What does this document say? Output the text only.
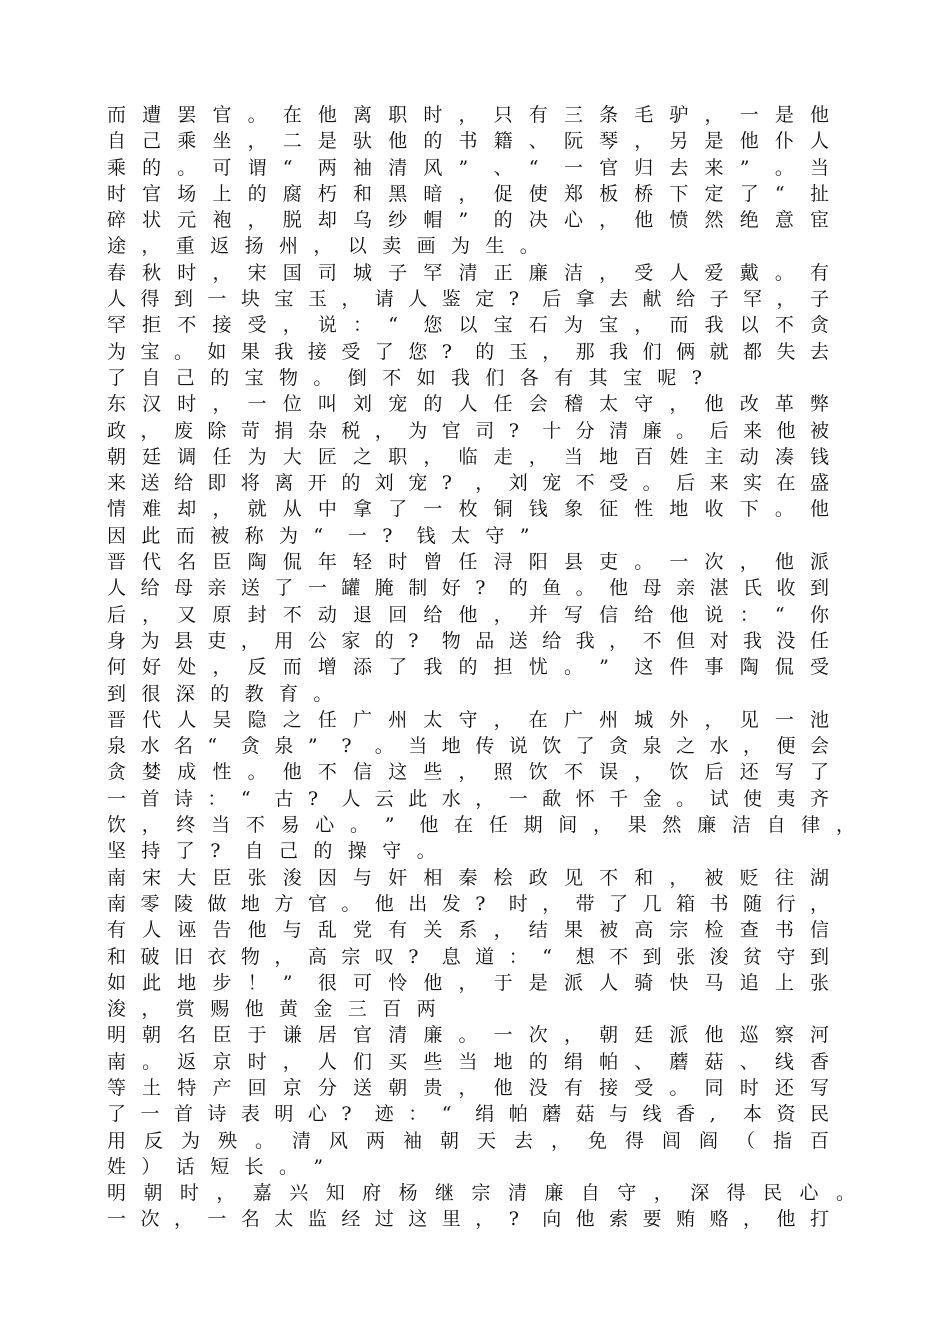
而 遭 罢 官 。 在 他 离 职 时 ， 只 有 三 条 毛 驴 ， 一 是 他
自 己 乘 坐 ， 二 是 驮 他 的 书 籍 、 阮 琴 ， 另 是 他 仆 人
乘 的 。 可 谓 “ 两 袖 清 风 ” 、 “ 一 官 归 去 来 ” 。 当
时 官 场 上 的 腐 朽 和 黑 暗 ， 促 使 郑 板 桥 下 定 了 “ 扯
碎 状 元 袍 ， 脱 却 乌 纱 帽 ” 的 决 心 ， 他 愤 然 绝 意 宦
途 ， 重 返 扬 州 ， 以 卖 画 为 生 。
春 秋 时 ， 宋 国 司 城 子 罕 清 正 廉 洁 ， 受 人 爱 戴 。 有
人 得 到 一 块 宝 玉 ， 请 人 鉴 定 ? 后 拿 去 献 给 子 罕 ， 子
罕 拒 不 接 受 ， 说 ： “ 您 以 宝 石 为 宝 ， 而 我 以 不 贪
为 宝 。 如 果 我 接 受 了 您 ? 的 玉 ， 那 我 们 俩 就 都 失 去
了 自 己 的 宝 物 。 倒 不 如 我 们 各 有 其 宝 呢 ?
东 汉 时 ， 一 位 叫 刘 宠 的 人 任 会 稽 太 守 ， 他 改 革 弊
政 ， 废 除 苛 捐 杂 税 ， 为 官 司 ? 十 分 清 廉 。 后 来 他 被
朝 廷 调 任 为 大 匠 之 职 ， 临 走 ， 当 地 百 姓 主 动 凑 钱
来 送 给 即 将 离 开 的 刘 宠 ? ， 刘 宠 不 受 。 后 来 实 在 盛
情 难 却 ， 就 从 中 拿 了 一 枚 铜 钱 象 征 性 地 收 下 。 他
因 此 而 被 称 为 “ 一 ? 钱 太 守 ”
晋 代 名 臣 陶 侃 年 轻 时 曾 任 浔 阳 县 吏 。 一 次 ， 他 派
人 给 母 亲 送 了 一 罐 腌 制 好 ? 的 鱼 。 他 母 亲 湛 氏 收 到
后 ， 又 原 封 不 动 退 回 给 他 ， 并 写 信 给 他 说 ： “ 你
身 为 县 吏 ， 用 公 家 的 ? 物 品 送 给 我 ， 不 但 对 我 没 任
何 好 处 ， 反 而 增 添 了 我 的 担 忧 。 ” 这 件 事 陶 侃 受
到 很 深 的 教 育 。
晋 代 人 吴 隐 之 任 广 州 太 守 ， 在 广 州 城 外 ， 见 一 池
泉 水 名 “ 贪 泉 ” ? 。 当 地 传 说 饮 了 贪 泉 之 水 ， 便 会
贪 婪 成 性 。 他 不 信 这 些 ， 照 饮 不 误 ， 饮 后 还 写 了
一 首 诗 ： “ 古 ? 人 云 此 水 ， 一 歃 怀 千 金 。 试 使 夷 齐
饮 ， 终 当 不 易 心 。 ” 他 在 任 期 间 ， 果 然 廉 洁 自 律 ，
坚 持 了 ? 自 己 的 操 守 。
南 宋 大 臣 张 浚 因 与 奸 相 秦 桧 政 见 不 和 ， 被 贬 往 湖
南 零 陵 做 地 方 官 。 他 出 发 ? 时 ， 带 了 几 箱 书 随 行 ，
有 人 诬 告 他 与 乱 党 有 关 系 ， 结 果 被 高 宗 检 查 书 信
和 破 旧 衣 物 ， 高 宗 叹 ? 息 道 ： “ 想 不 到 张 浚 贫 守 到
如 此 地 步 ！ ” 很 可 怜 他 ， 于 是 派 人 骑 快 马 追 上 张
浚 ， 赏 赐 他 黄 金 三 百 两
明 朝 名 臣 于 谦 居 官 清 廉 。 一 次 ， 朝 廷 派 他 巡 察 河
南 。 返 京 时 ， 人 们 买 些 当 地 的 绢 帕 、 蘑 菇 、 线 香
等 土 特 产 回 京 分 送 朝 贵 ， 他 没 有 接 受 。 同 时 还 写
了 一 首 诗 表 明 心 ? 迹 ： “ 绢 帕 蘑 菇 与 线 香 , 本 资 民
用 反 为 殃 。 清 风 两 袖 朝 天 去 ， 免 得 闾 阎 （ 指 百
姓 ） 话 短 长 。 ”
明 朝 时 ， 嘉 兴 知 府 杨 继 宗 清 廉 自 守 ， 深 得 民 心 。
一 次 ， 一 名 太 监 经 过 这 里 ， ? 向 他 索 要 贿 赂 ， 他 打
